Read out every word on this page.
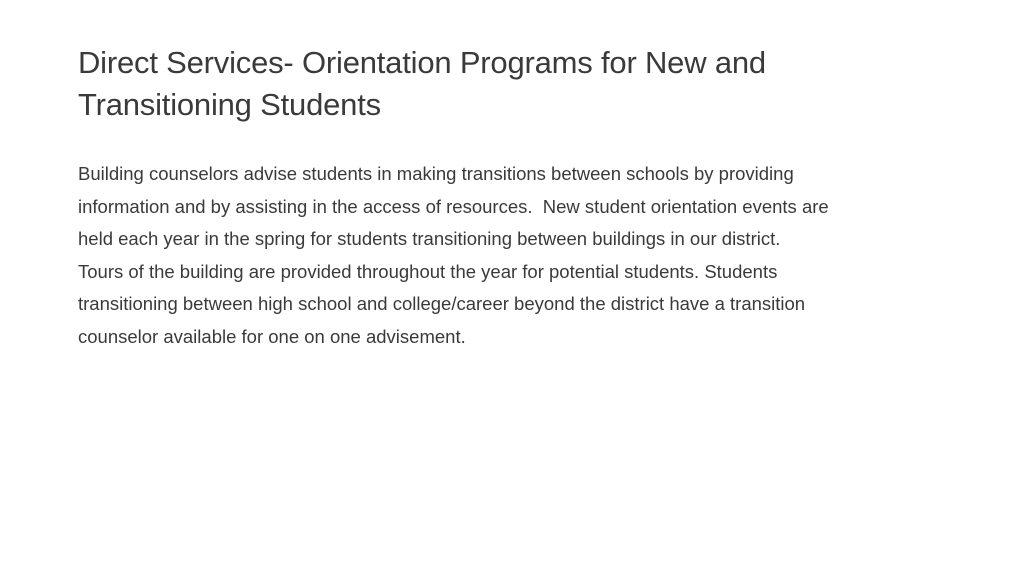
Direct Services- Orientation Programs for New and
Transitioning Students

Building counselors advise students in making transitions between schools by providing
information and by assisting in the access of resources.  New student orientation events are
held each year in the spring for students transitioning between buildings in our district.
Tours of the building are provided throughout the year for potential students. Students
transitioning between high school and college/career beyond the district have a transition
counselor available for one on one advisement.
